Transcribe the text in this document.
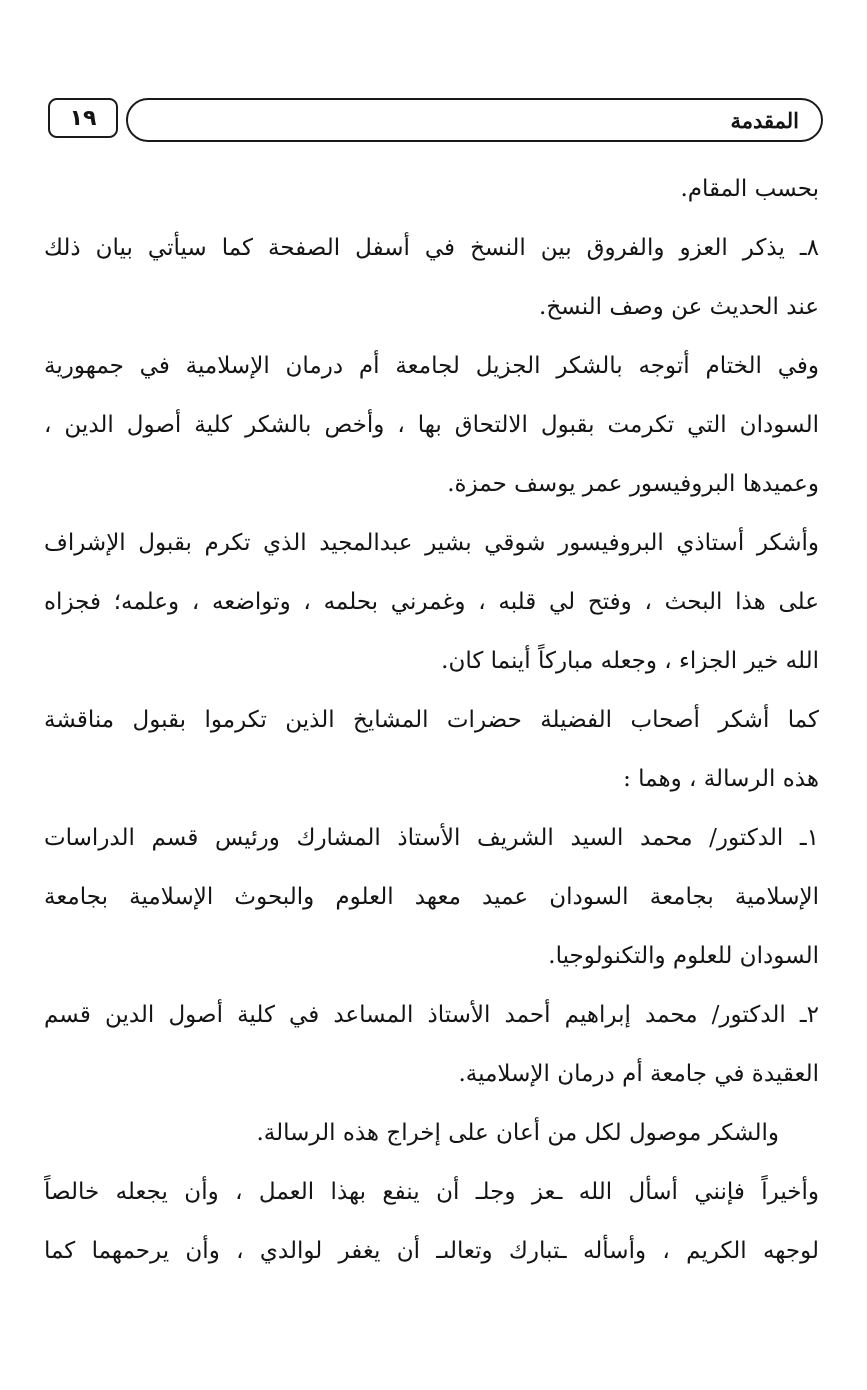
١٩	المقدمة
بحسب المقام.
٨ـ يذكر العزو والفروق بين النسخ في أسفل الصفحة كما سيأتي بيان ذلك
عند الحديث عن وصف النسخ.
وفي الختام أتوجه بالشكر الجزيل لجامعة أم درمان الإسلامية في جمهورية
السودان التي تكرمت بقبول الالتحاق بها ، وأخص بالشكر كلية أصول الدين ،
وعميدها البروفيسور عمر يوسف حمزة.
وأشكر أستاذي البروفيسور شوقي بشير عبدالمجيد الذي تكرم بقبول الإشراف
على هذا البحث ، وفتح لي قلبه ، وغمرني بحلمه ، وتواضعه ، وعلمه؛ فجزاه
الله خير الجزاء ، وجعله مباركاً أينما كان.
كما أشكر أصحاب الفضيلة حضرات المشايخ الذين تكرموا بقبول مناقشة
هذه الرسالة ، وهما :
١ـ الدكتور/ محمد السيد الشريف الأستاذ المشارك ورئيس قسم الدراسات
الإسلامية بجامعة السودان عميد معهد العلوم والبحوث الإسلامية بجامعة
السودان للعلوم والتكنولوجيا.
٢ـ الدكتور/ محمد إبراهيم أحمد الأستاذ المساعد في كلية أصول الدين قسم
العقيدة في جامعة أم درمان الإسلامية.
والشكر موصول لكل من أعان على إخراج هذه الرسالة.
وأخيراً فإنني أسأل الله ـعز وجلـ أن ينفع بهذا العمل ، وأن يجعله خالصاً
لوجهه الكريم ، وأسأله ـتبارك وتعالىـ أن يغفر لوالدي ، وأن يرحمهما كما
